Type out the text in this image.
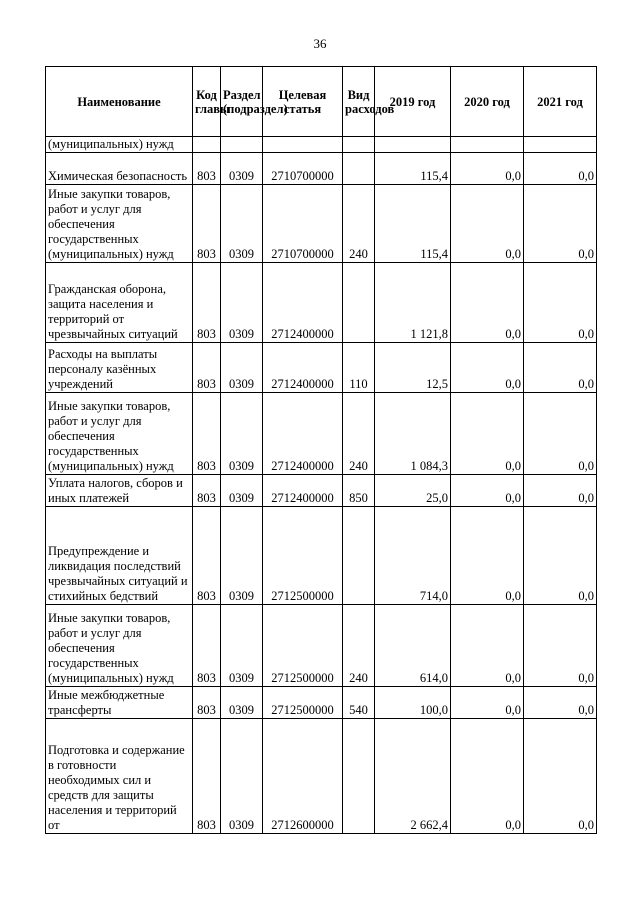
36
Наименование	Код главы	Раздел (подраздел)	Целевая статья	Вид расходов	2019 год	2020 год	2021 год
(муниципальных) нужд							
Химическая безопасность	803	0309	2710700000		115,4	0,0	0,0
Иные закупки товаров, работ и услуг для обеспечения государственных (муниципальных) нужд	803	0309	2710700000	240	115,4	0,0	0,0
Гражданская оборона, защита населения и территорий от чрезвычайных ситуаций	803	0309	2712400000		1 121,8	0,0	0,0
Расходы на выплаты персоналу казённых учреждений	803	0309	2712400000	110	12,5	0,0	0,0
Иные закупки товаров, работ и услуг для обеспечения государственных (муниципальных) нужд	803	0309	2712400000	240	1 084,3	0,0	0,0
Уплата налогов, сборов и иных платежей	803	0309	2712400000	850	25,0	0,0	0,0
Предупреждение и ликвидация последствий чрезвычайных ситуаций и стихийных бедствий	803	0309	2712500000		714,0	0,0	0,0
Иные закупки товаров, работ и услуг для обеспечения государственных (муниципальных) нужд	803	0309	2712500000	240	614,0	0,0	0,0
Иные межбюджетные трансферты	803	0309	2712500000	540	100,0	0,0	0,0
Подготовка и содержание в готовности необходимых сил и средств для защиты населения и территорий от	803	0309	2712600000		2 662,4	0,0	0,0
